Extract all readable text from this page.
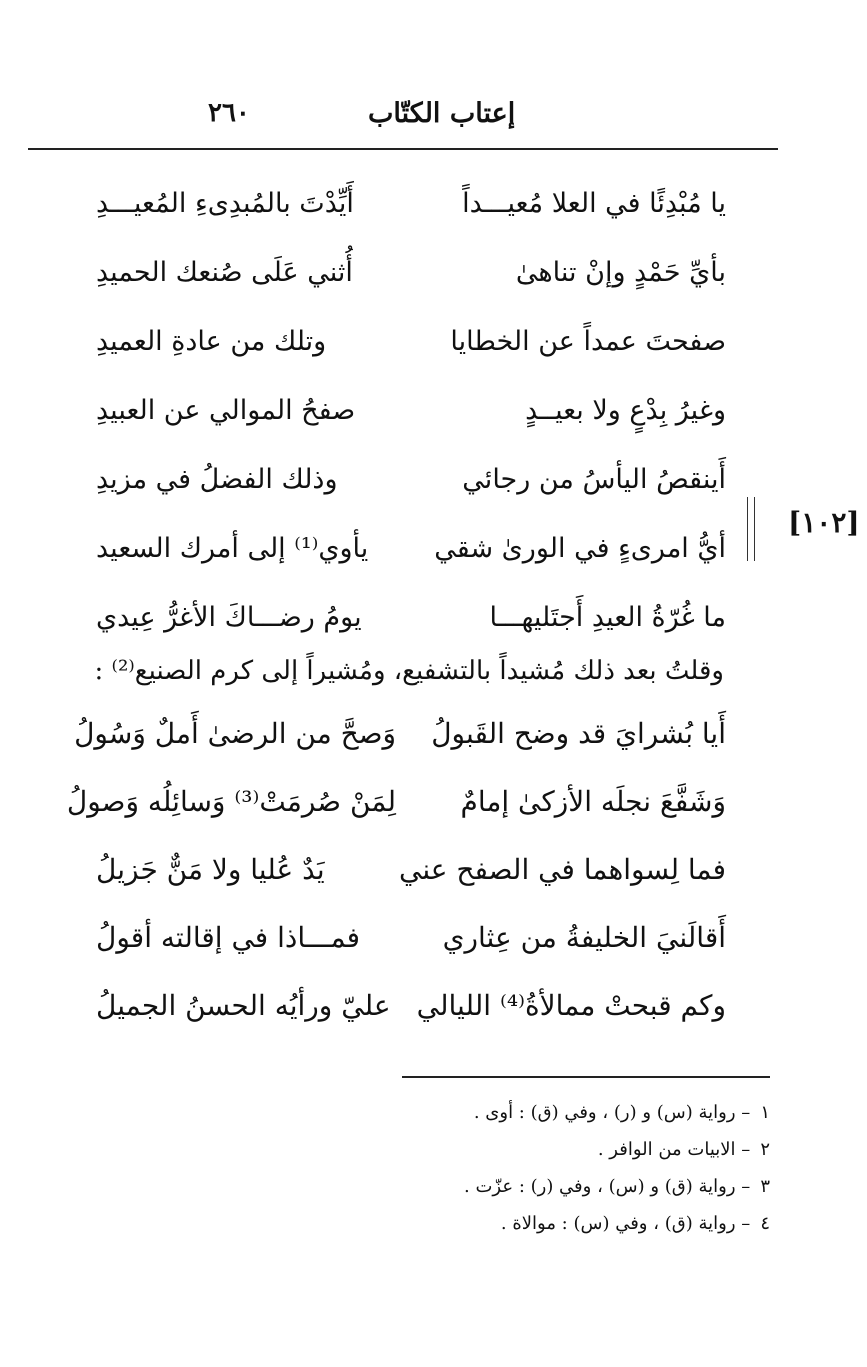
٢٦٠	إعتاب الكتّاب
[١٠٢]
يا مُبْدِئًا في العلا مُعيـــداً
أَيِّدْتَ بالمُبدِىءِ المُعيـــدِ
بأيِّ حَمْدٍ وإنْ تناهىٰ
أُثني عَلَى صُنعك الحميدِ
صفحتَ عمداً عن الخطايا
وتلك من عادةِ العميدِ
وغيرُ بِدْعٍ ولا بعيــدٍ
صفحُ الموالي عن العبيدِ
أَينقصُ اليأسُ من رجائي
وذلك الفضلُ في مزيدِ
أيُّ امرىءٍ في الورىٰ شقي
يأوي⁽¹⁾ إلى أمرك السعيد
ما غُرّةُ العيدِ أَجتَليهـــا
يومُ رضـــاكَ الأغرُّ عِيدي
وقلتُ بعد ذلك مُشيداً بالتشفيع، ومُشيراً إلى كرم الصنيع⁽²⁾ :
أَيا بُشرايَ قد وضح القَبولُ
وَصحَّ من الرضىٰ أَملٌ وَسُولُ
وَشَفَّعَ نجلَه الأزكىٰ إمامٌ
لِمَنْ صُرمَتْ⁽³⁾ وَسائِلُه وَصولُ
فما لِسواهما في الصفح عني
يَدٌ عُليا ولا مَنٌّ جَزيلُ
أَقالَنيَ الخليفةُ من عِثاري
فمـــاذا في إقالته أقولُ
وكم قبحتْ ممالأةُ⁽⁴⁾ الليالي
عليّ ورأيُه الحسنُ الجميلُ
١ – رواية (س) و (ر) ، وفي (ق) : أوى .
٢ – الابيات من الوافر .
٣ – رواية (ق) و (س) ، وفي (ر) : عزّت .
٤ – رواية (ق) ، وفي (س) : موالاة .
